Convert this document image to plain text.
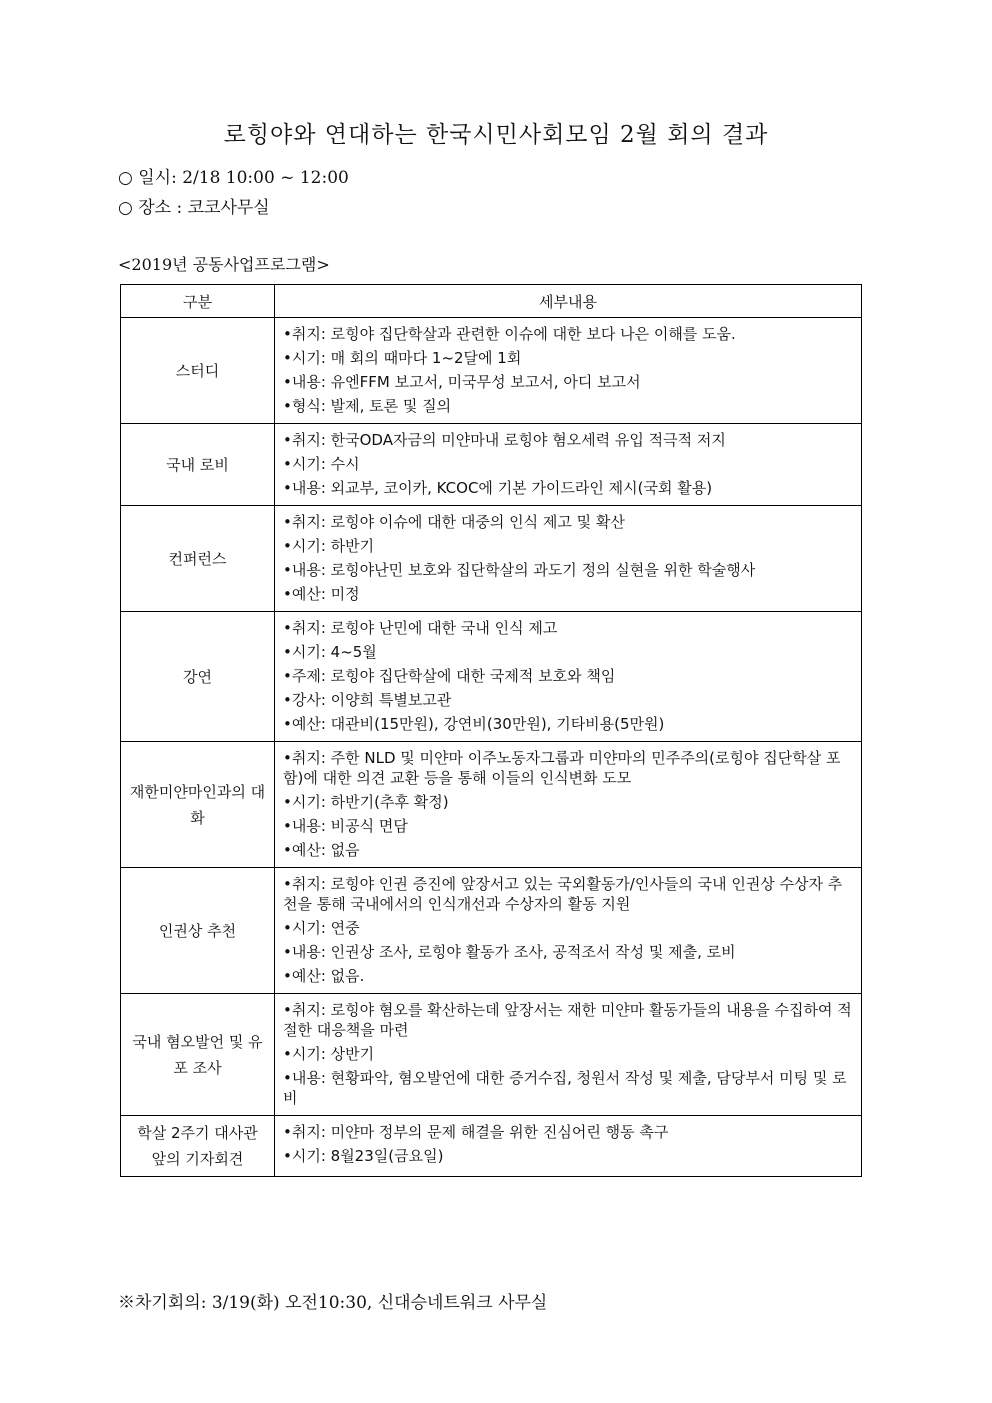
로힝야와 연대하는 한국시민사회모임 2월 회의 결과
○ 일시: 2/18 10:00 ~ 12:00
○ 장소 : 코코사무실
<2019년 공동사업프로그램>
구분	세부내용
스터디	•취지: 로힝야 집단학살과 관련한 이슈에 대한 보다 나은 이해를 도움.
•시기: 매 회의 때마다 1~2달에 1회
•내용: 유엔FFM 보고서, 미국무성 보고서, 아디 보고서
•형식: 발제, 토론 및 질의

국내 로비	•취지: 한국ODA자금의 미얀마내 로힝야 혐오세력 유입 적극적 저지
•시기: 수시
•내용: 외교부, 코이카, KCOC에 기본 가이드라인 제시(국회 활용)

컨퍼런스	•취지: 로힝야 이슈에 대한 대중의 인식 제고 및 확산
•시기: 하반기
•내용: 로힝야난민 보호와 집단학살의 과도기 정의 실현을 위한 학술행사
•예산: 미정

강연	•취지: 로힝야 난민에 대한 국내 인식 제고
•시기: 4~5월
•주제: 로힝야 집단학살에 대한 국제적 보호와 책임
•강사: 이양희 특별보고관
•예산: 대관비(15만원), 강연비(30만원), 기타비용(5만원)

재한미얀마인과의 대화	•취지: 주한 NLD 및 미얀마 이주노동자그룹과 미얀마의 민주주의(로힝야 집단학살 포함)에 대한 의견 교환 등을 통해 이들의 인식변화 도모
•시기: 하반기(추후 확정)
•내용: 비공식 면담
•예산: 없음

인권상 추천	•취지: 로힝야 인권 증진에 앞장서고 있는 국외활동가/인사들의 국내 인권상 수상자 추천을 통해 국내에서의 인식개선과 수상자의 활동 지원
•시기: 연중
•내용: 인권상 조사, 로힝야 활동가 조사, 공적조서 작성 및 제출, 로비
•예산: 없음.

국내 혐오발언 및 유포 조사	•취지: 로힝야 혐오를 확산하는데 앞장서는 재한 미얀마 활동가들의 내용을 수집하여 적절한 대응책을 마련
•시기: 상반기
•내용: 현황파악, 혐오발언에 대한 증거수집, 청원서 작성 및 제출, 담당부서 미팅 및 로비

학살 2주기 대사관 앞의 기자회견	•취지: 미얀마 정부의 문제 해결을 위한 진심어린 행동 촉구
•시기: 8월23일(금요일)
※차기회의: 3/19(화) 오전10:30, 신대승네트워크 사무실
